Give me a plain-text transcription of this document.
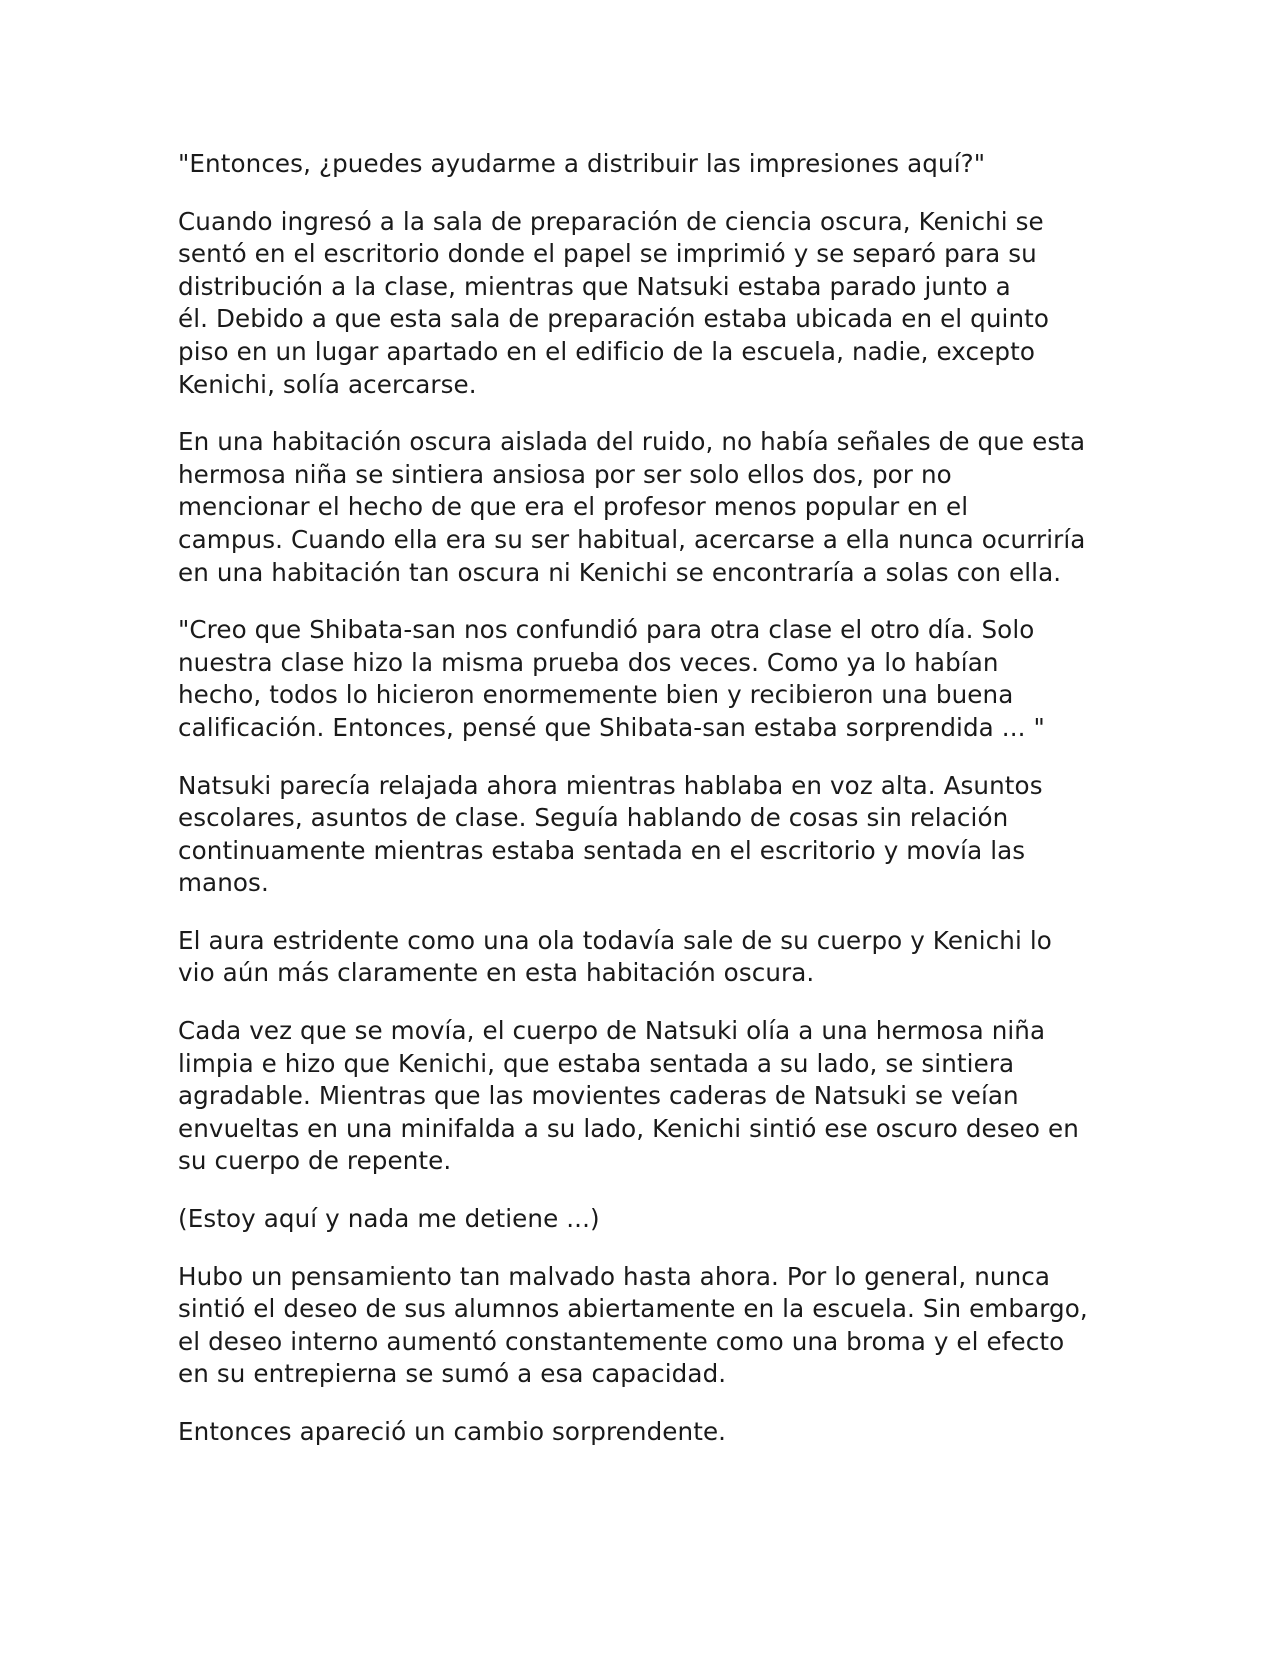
"Entonces, ¿puedes ayudarme a distribuir las impresiones aquí?"

Cuando ingresó a la sala de preparación de ciencia oscura, Kenichi se
sentó en el escritorio donde el papel se imprimió y se separó para su
distribución a la clase, mientras que Natsuki estaba parado junto a
él. Debido a que esta sala de preparación estaba ubicada en el quinto
piso en un lugar apartado en el edificio de la escuela, nadie, excepto
Kenichi, solía acercarse.

En una habitación oscura aislada del ruido, no había señales de que esta
hermosa niña se sintiera ansiosa por ser solo ellos dos, por no
mencionar el hecho de que era el profesor menos popular en el
campus. Cuando ella era su ser habitual, acercarse a ella nunca ocurriría
en una habitación tan oscura ni Kenichi se encontraría a solas con ella.

"Creo que Shibata-san nos confundió para otra clase el otro día. Solo
nuestra clase hizo la misma prueba dos veces. Como ya lo habían
hecho, todos lo hicieron enormemente bien y recibieron una buena
calificación. Entonces, pensé que Shibata-san estaba sorprendida ... "

Natsuki parecía relajada ahora mientras hablaba en voz alta. Asuntos
escolares, asuntos de clase. Seguía hablando de cosas sin relación
continuamente mientras estaba sentada en el escritorio y movía las
manos.

El aura estridente como una ola todavía sale de su cuerpo y Kenichi lo
vio aún más claramente en esta habitación oscura.

Cada vez que se movía, el cuerpo de Natsuki olía a una hermosa niña
limpia e hizo que Kenichi, que estaba sentada a su lado, se sintiera
agradable. Mientras que las movientes caderas de Natsuki se veían
envueltas en una minifalda a su lado, Kenichi sintió ese oscuro deseo en
su cuerpo de repente.

(Estoy aquí y nada me detiene ...)

Hubo un pensamiento tan malvado hasta ahora. Por lo general, nunca
sintió el deseo de sus alumnos abiertamente en la escuela. Sin embargo,
el deseo interno aumentó constantemente como una broma y el efecto
en su entrepierna se sumó a esa capacidad.

Entonces apareció un cambio sorprendente.
